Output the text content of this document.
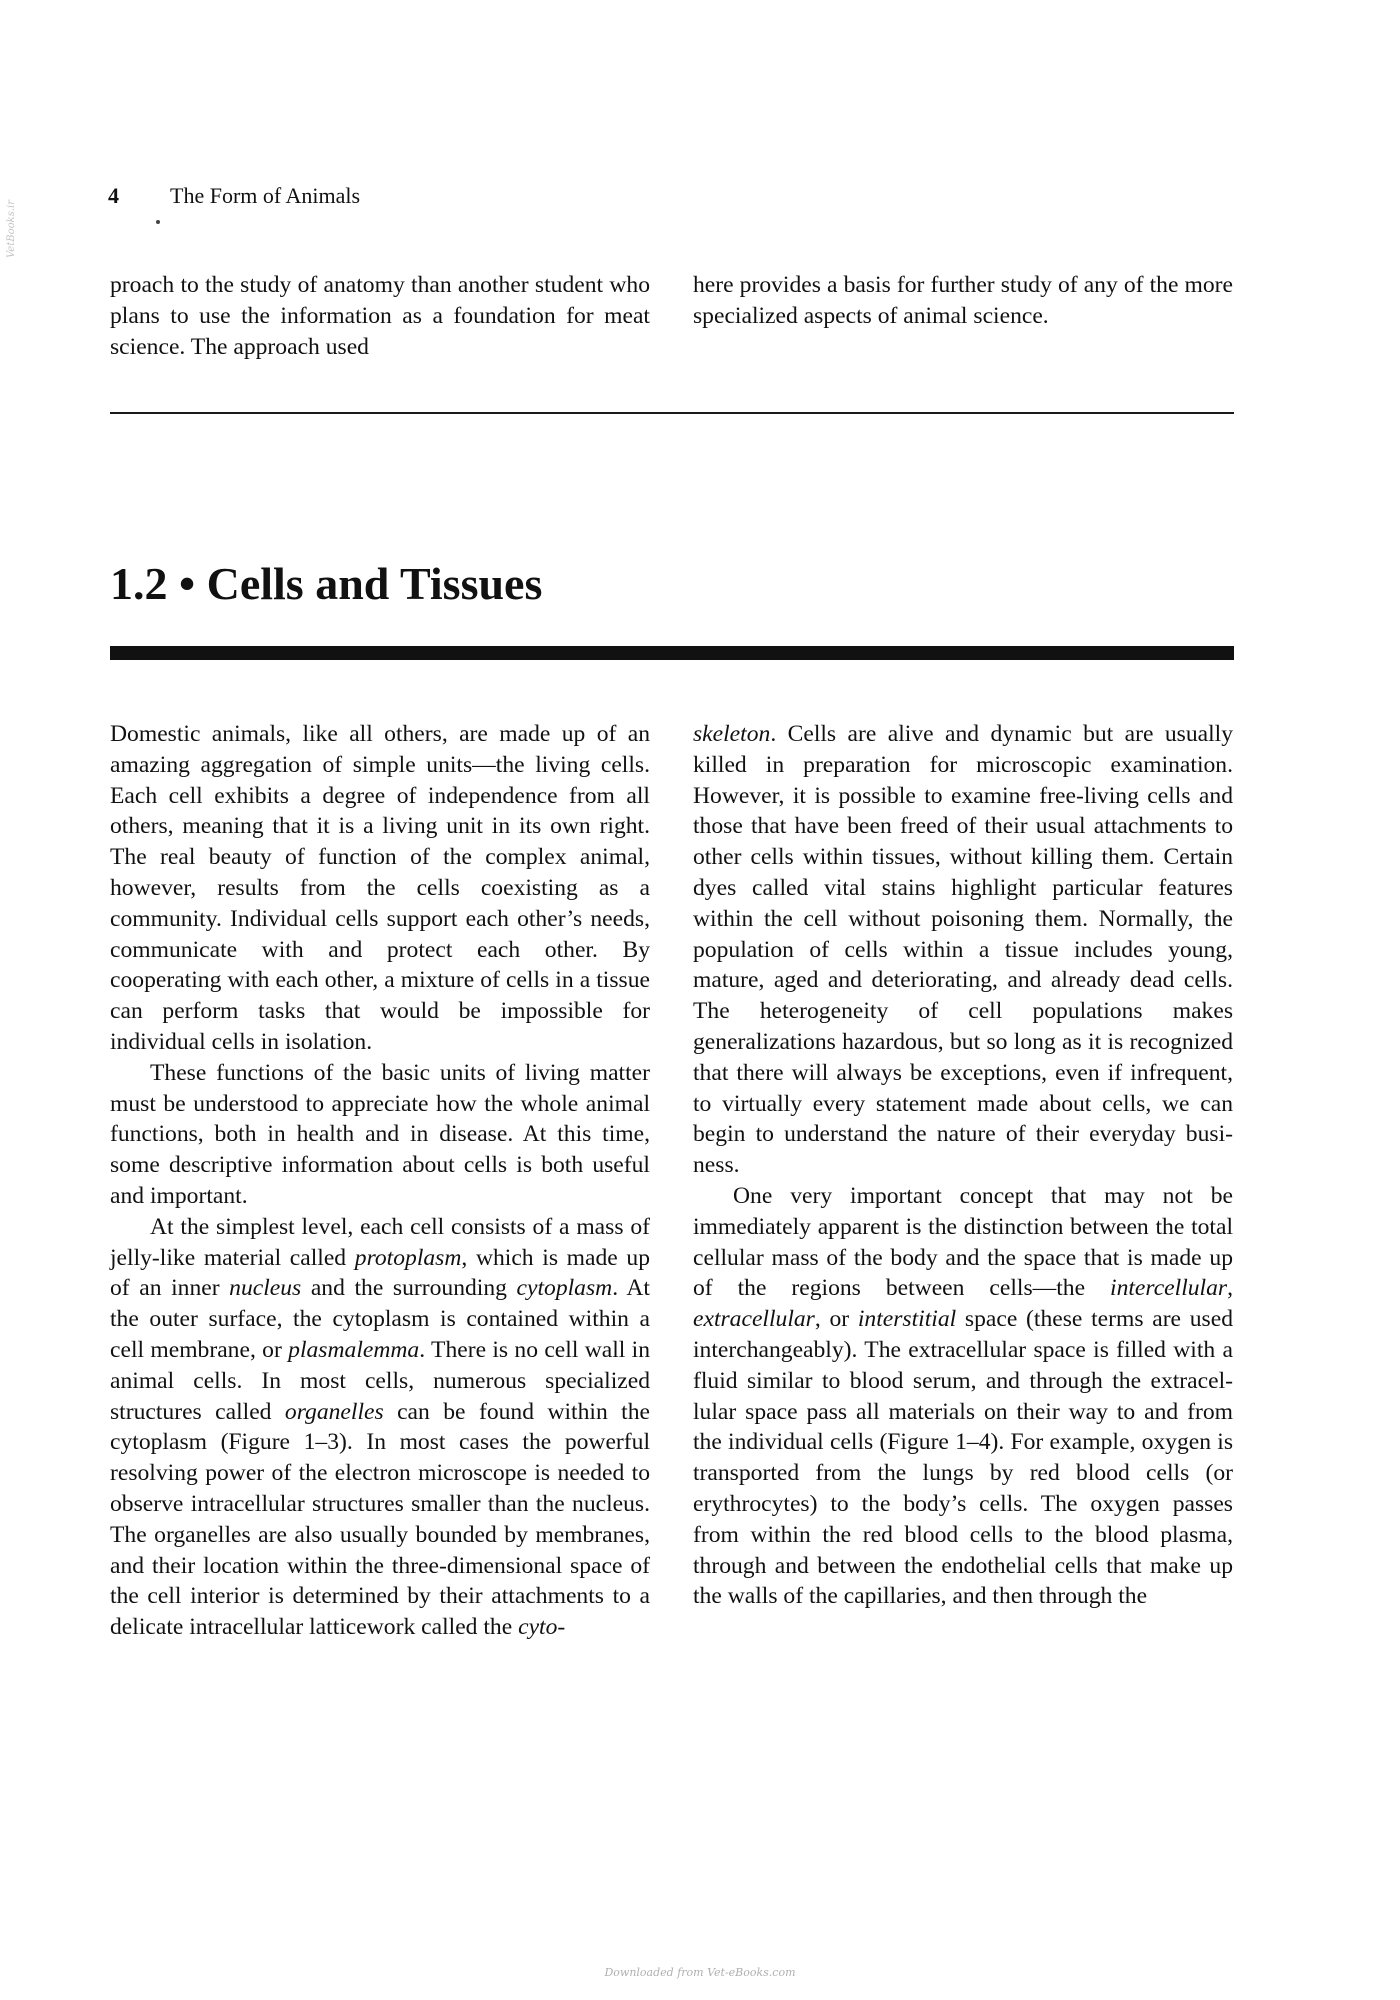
VetBooks.ir
4 The Form of Animals

proach to the study of anatomy than another student who plans to use the information as a foundation for meat science. The approach used

here provides a basis for further study of any of the more specialized aspects of animal science.

1.2 • Cells and Tissues

Domestic animals, like all others, are made up of an amazing aggregation of simple units—the living cells. Each cell exhibits a degree of independence from all others, meaning that it is a living unit in its own right. The real beauty of function of the complex animal, however, results from the cells coexisting as a community. Individual cells support each other’s needs, communicate with and protect each other. By cooperating with each other, a mixture of cells in a tissue can perform tasks that would be impossible for individual cells in isolation.

These functions of the basic units of living matter must be understood to appreciate how the whole animal functions, both in health and in disease. At this time, some descriptive information about cells is both useful and important.

At the simplest level, each cell consists of a mass of jelly-like material called protoplasm, which is made up of an inner nucleus and the surrounding cytoplasm. At the outer surface, the cytoplasm is contained within a cell membrane, or plasmalemma. There is no cell wall in animal cells. In most cells, numerous specialized structures called organelles can be found within the cytoplasm (Figure 1–3). In most cases the powerful resolving power of the electron microscope is needed to observe intracellular structures smaller than the nucleus. The organelles are also usually bounded by membranes, and their location within the three-dimensional space of the cell interior is determined by their attachments to a delicate intracellular latticework called the cyto-

skeleton. Cells are alive and dynamic but are usually killed in preparation for microscopic examination. However, it is possible to examine free-living cells and those that have been freed of their usual attachments to other cells within tissues, without killing them. Certain dyes called vital stains highlight particular features within the cell without poisoning them. Normally, the population of cells within a tissue includes young, mature, aged and deteriorating, and already dead cells. The heterogeneity of cell populations makes generalizations hazardous, but so long as it is recognized that there will always be exceptions, even if infrequent, to virtually every statement made about cells, we can begin to understand the nature of their everyday business.

One very important concept that may not be immediately apparent is the distinction between the total cellular mass of the body and the space that is made up of the regions between cells—the intercellular, extracellular, or interstitial space (these terms are used interchangeably). The extracellular space is filled with a fluid similar to blood serum, and through the extracellular space pass all materials on their way to and from the individual cells (Figure 1–4). For example, oxygen is transported from the lungs by red blood cells (or erythrocytes) to the body’s cells. The oxygen passes from within the red blood cells to the blood plasma, through and between the endothelial cells that make up the walls of the capillaries, and then through the

Downloaded from Vet-eBooks.com
